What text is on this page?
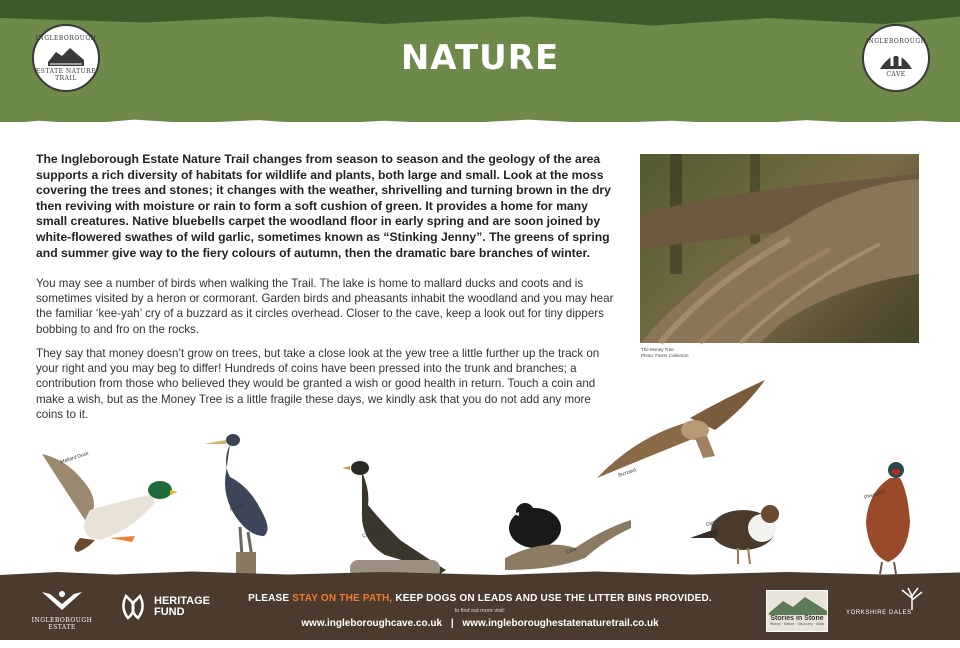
NATURE
INGLEBOROUGH
ESTATE NATURE TRAIL
INGLEBOROUGH
CAVE

The Ingleborough Estate Nature Trail changes from season to season and the geology of the area supports a rich diversity of habitats for wildlife and plants, both large and small. Look at the moss covering the trees and stones; it changes with the weather, shrivelling and turning brown in the dry then reviving with moisture or rain to form a soft cushion of green. It provides a home for many small creatures. Native bluebells carpet the woodland floor in early spring and are soon joined by white-flowered swathes of wild garlic, sometimes known as “Stinking Jenny”. The greens of spring and summer give way to the fiery colours of autumn, then the dramatic bare branches of winter.

You may see a number of birds when walking the Trail. The lake is home to mallard ducks and coots and is sometimes visited by a heron or cormorant. Garden birds and pheasants inhabit the woodland and you may hear the familiar ‘kee-yah’ cry of a buzzard as it circles overhead. Closer to the cave, keep a look out for tiny dippers bobbing to and fro on the rocks.

They say that money doesn’t grow on trees, but take a close look at the yew tree a little further up the track on your right and you may beg to differ! Hundreds of coins have been pressed into the trunk and branches; a contribution from those who believed they would be granted a wish or good health in return. Touch a coin and make a wish, but as the Money Tree is a little fragile these days, we kindly ask that you do not add any more coins to it.

The Money Tree
Photo: Farrer Collection
Mallard Duck
Heron
Cormorant
Coot
Buzzard
Dipper
Pheasant
INGLEBOROUGH
ESTATE
HERITAGE
FUND
PLEASE STAY ON THE PATH, KEEP DOGS ON LEADS AND USE THE LITTER BINS PROVIDED.
to find out more visit:
www.ingleboroughcave.co.uk | www.ingleboroughestatenaturetrail.co.uk	Stories in Stone
History · Nature · Discovery · Skills
YORKSHIRE DALES
MILLENNIUM TRUST
